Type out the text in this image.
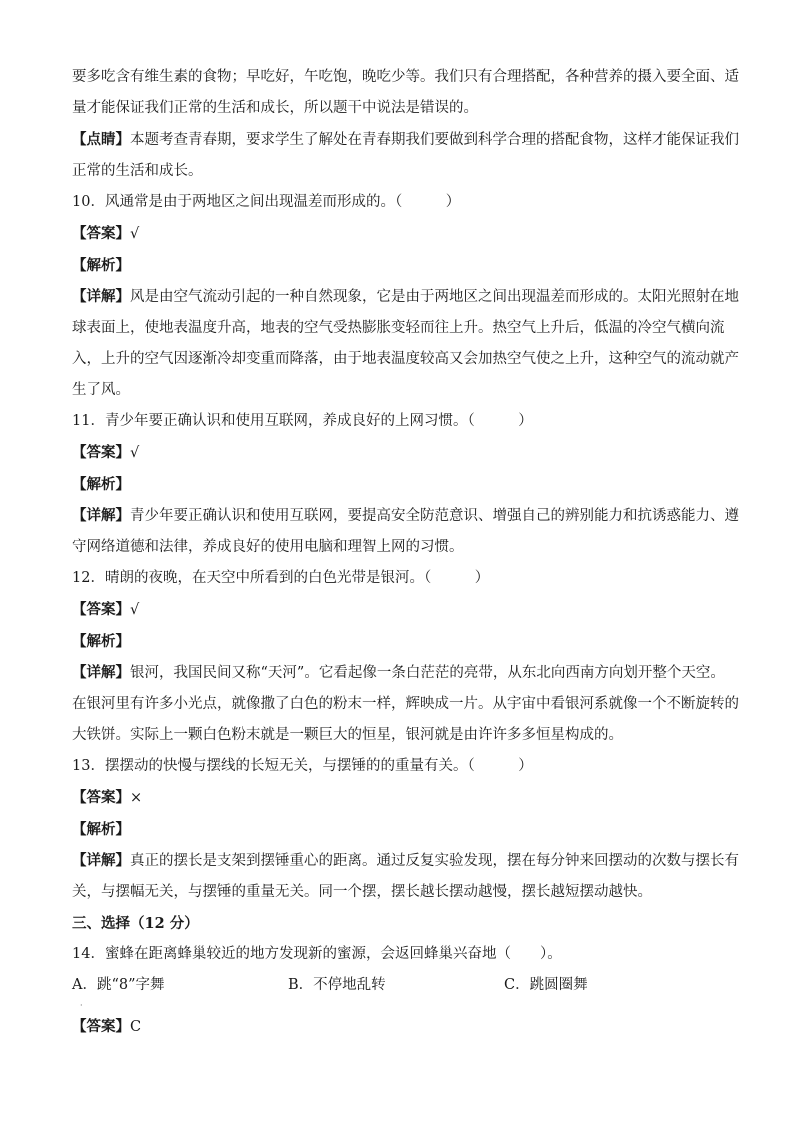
要多吃含有维生素的食物；早吃好，午吃饱，晚吃少等。我们只有合理搭配，各种营养的摄入要全面、适
量才能保证我们正常的生活和成长，所以题干中说法是错误的。
【点睛】本题考查青春期，要求学生了解处在青春期我们要做到科学合理的搭配食物，这样才能保证我们
正常的生活和成长。
10．风通常是由于两地区之间出现温差而形成的。（　　　）
【答案】√
【解析】
【详解】风是由空气流动引起的一种自然现象，它是由于两地区之间出现温差而形成的。太阳光照射在地
球表面上，使地表温度升高，地表的空气受热膨胀变轻而往上升。热空气上升后，低温的冷空气横向流
入，上升的空气因逐渐冷却变重而降落，由于地表温度较高又会加热空气使之上升，这种空气的流动就产
生了风。
11．青少年要正确认识和使用互联网，养成良好的上网习惯。（　　　）
【答案】√
【解析】
【详解】青少年要正确认识和使用互联网，要提高安全防范意识、增强自己的辨别能力和抗诱惑能力、遵
守网络道德和法律，养成良好的使用电脑和理智上网的习惯。
12．晴朗的夜晚，在天空中所看到的白色光带是银河。（　　　）
【答案】√
【解析】
【详解】银河，我国民间又称“天河”。它看起像一条白茫茫的亮带，从东北向西南方向划开整个天空。
在银河里有许多小光点，就像撒了白色的粉末一样，辉映成一片。从宇宙中看银河系就像一个不断旋转的
大铁饼。实际上一颗白色粉末就是一颗巨大的恒星，银河就是由许许多多恒星构成的。
13．摆摆动的快慢与摆线的长短无关，与摆锤的的重量有关。（　　　）
【答案】×
【解析】
【详解】真正的摆长是支架到摆锤重心的距离。通过反复实验发现，摆在每分钟来回摆动的次数与摆长有
关，与摆幅无关，与摆锤的重量无关。同一个摆，摆长越长摆动越慢，摆长越短摆动越快。
三、选择（12 分）
14．蜜蜂在距离蜂巢较近的地方发现新的蜜源，会返回蜂巢兴奋地（　　）。
A．跳“8”字舞	B．不停地乱转	C．跳圆圈舞
·
【答案】C
